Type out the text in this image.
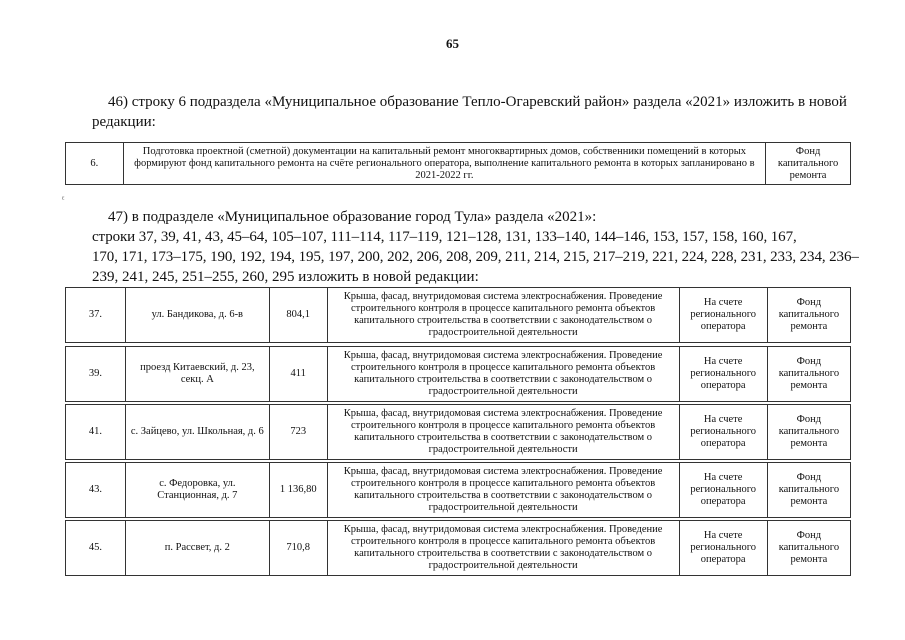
65
ᵋ
46) строку 6 подраздела «Муниципальное образование Тепло-Огаревский район» раздела «2021» изложить в новой
редакции:
6.	Подготовка проектной (сметной) документации на капитальный ремонт многоквартирных домов, собственники помещений в которых формируют фонд капитального ремонта на счёте регионального оператора, выполнение капитального ремонта в которых запланировано в 2021-2022 гг.	Фонд капитального ремонта
47) в подразделе «Муниципальное образование город Тула» раздела «2021»:
строки 37, 39, 41, 43, 45–64, 105–107, 111–114, 117–119, 121–128, 131, 133–140, 144–146, 153, 157, 158, 160, 167,
170, 171, 173–175, 190, 192, 194, 195, 197, 200, 202, 206, 208, 209, 211, 214, 215, 217–219, 221, 224, 228, 231, 233, 234, 236–
239, 241, 245, 251–255, 260, 295 изложить в новой редакции:
37.	ул. Бандикова, д. 6-в	804,1	Крыша, фасад, внутридомовая система электроснабжения. Проведение строительного контроля в процессе капитального ремонта объектов капитального строительства в соответствии с законодательством о градостроительной деятельности	На счете регионального оператора	Фонд капитального ремонта
39.	проезд Китаевский, д. 23, секц. А	411	Крыша, фасад, внутридомовая система электроснабжения. Проведение строительного контроля в процессе капитального ремонта объектов капитального строительства в соответствии с законодательством о градостроительной деятельности	На счете регионального оператора	Фонд капитального ремонта
41.	с. Зайцево, ул. Школьная, д. 6	723	Крыша, фасад, внутридомовая система электроснабжения. Проведение строительного контроля в процессе капитального ремонта объектов капитального строительства в соответствии с законодательством о градостроительной деятельности	На счете регионального оператора	Фонд капитального ремонта
43.	с. Федоровка, ул. Станционная, д. 7	1 136,80	Крыша, фасад, внутридомовая система электроснабжения. Проведение строительного контроля в процессе капитального ремонта объектов капитального строительства в соответствии с законодательством о градостроительной деятельности	На счете регионального оператора	Фонд капитального ремонта
45.	п. Рассвет, д. 2	710,8	Крыша, фасад, внутридомовая система электроснабжения. Проведение строительного контроля в процессе капитального ремонта объектов капитального строительства в соответствии с законодательством о градостроительной деятельности	На счете регионального оператора	Фонд капитального ремонта
